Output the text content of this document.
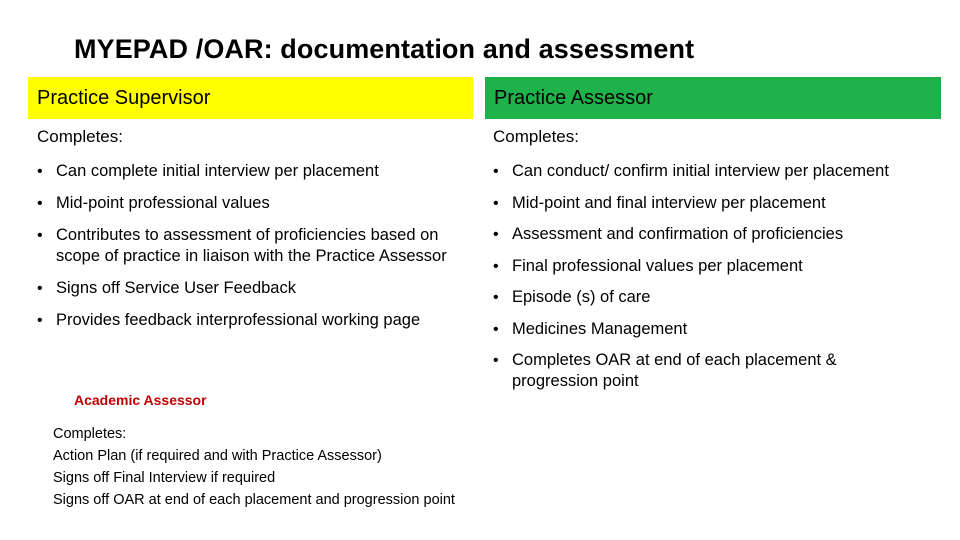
MYEPAD /OAR: documentation and assessment
Practice Supervisor	Practice Assessor
Completes:	Completes:
• Can complete initial interview per placement
• Mid-point professional values
• Contributes to assessment of proficiencies based on scope of practice in liaison with the Practice Assessor
• Signs off Service User Feedback
• Provides feedback interprofessional working page
• Can conduct/ confirm initial interview per placement
• Mid-point and final interview per placement
• Assessment and confirmation of proficiencies
• Final professional values per placement
• Episode (s) of care
• Medicines Management
• Completes OAR at end of each placement & progression point
Academic Assessor
Completes:
Action Plan (if required and with Practice Assessor)
Signs off Final Interview if required
Signs off OAR at end of each placement and progression point
